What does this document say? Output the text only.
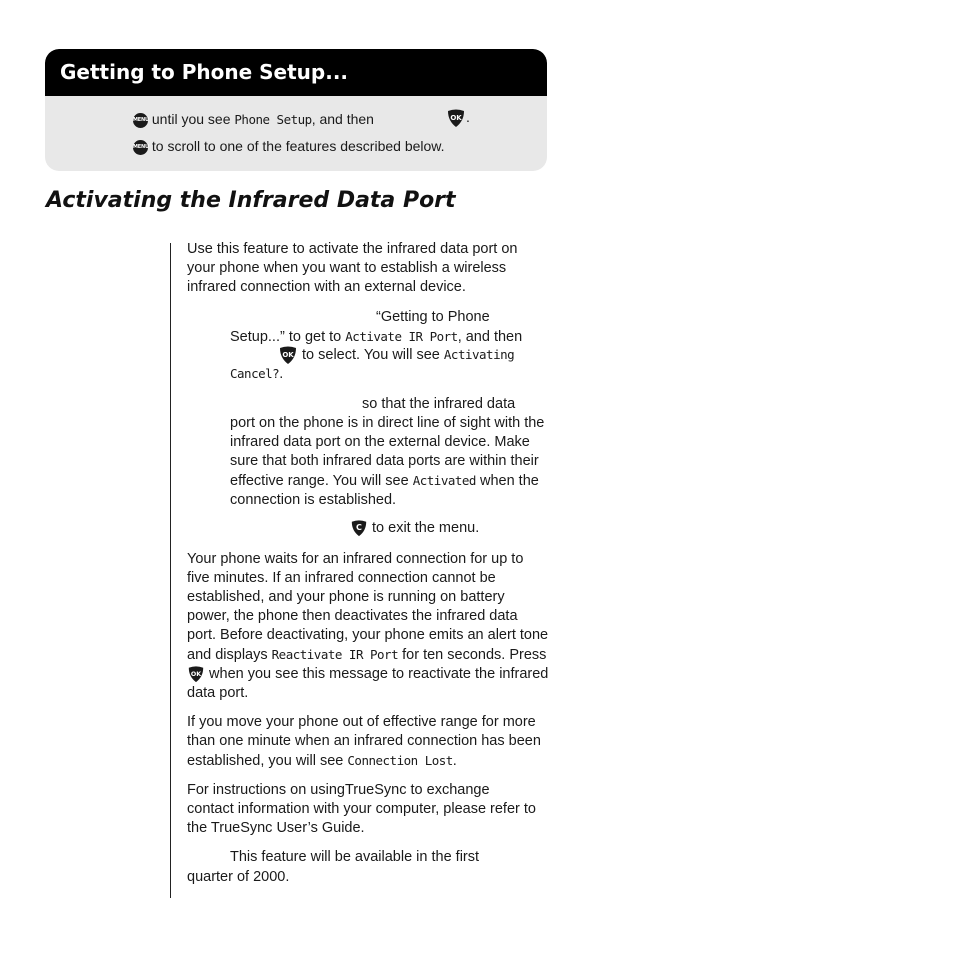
Getting to Phone Setup...
MENU until you see Phone Setup, and then	OK .
MENU to scroll to one of the features described below.
Activating the Infrared Data Port

Use this feature to activate the infrared data port on your phone when you want to establish a wireless infrared connection with an external device.

“Getting to Phone
Setup...” to get to Activate IR Port, and then
OK to select. You will see Activating
Cancel?.
so that the infrared data
port on the phone is in direct line of sight with the infrared data port on the external device. Make sure that both infrared data ports are within their effective range. You will see Activated when the connection is established.
C to exit the menu.
Your phone waits for an infrared connection for up to five minutes. If an infrared connection cannot be established, and your phone is running on battery power, the phone then deactivates the infrared data port. Before deactivating, your phone emits an alert tone and displays Reactivate IR Port for ten seconds. Press
OK when you see this message to reactivate the infrared data port.
If you move your phone out of effective range for more than one minute when an infrared connection has been established, you will see Connection Lost.

For instructions on usingTrueSync to exchange contact information with your computer, please refer to the TrueSync User’s Guide.

This feature will be available in the first
quarter of 2000.
